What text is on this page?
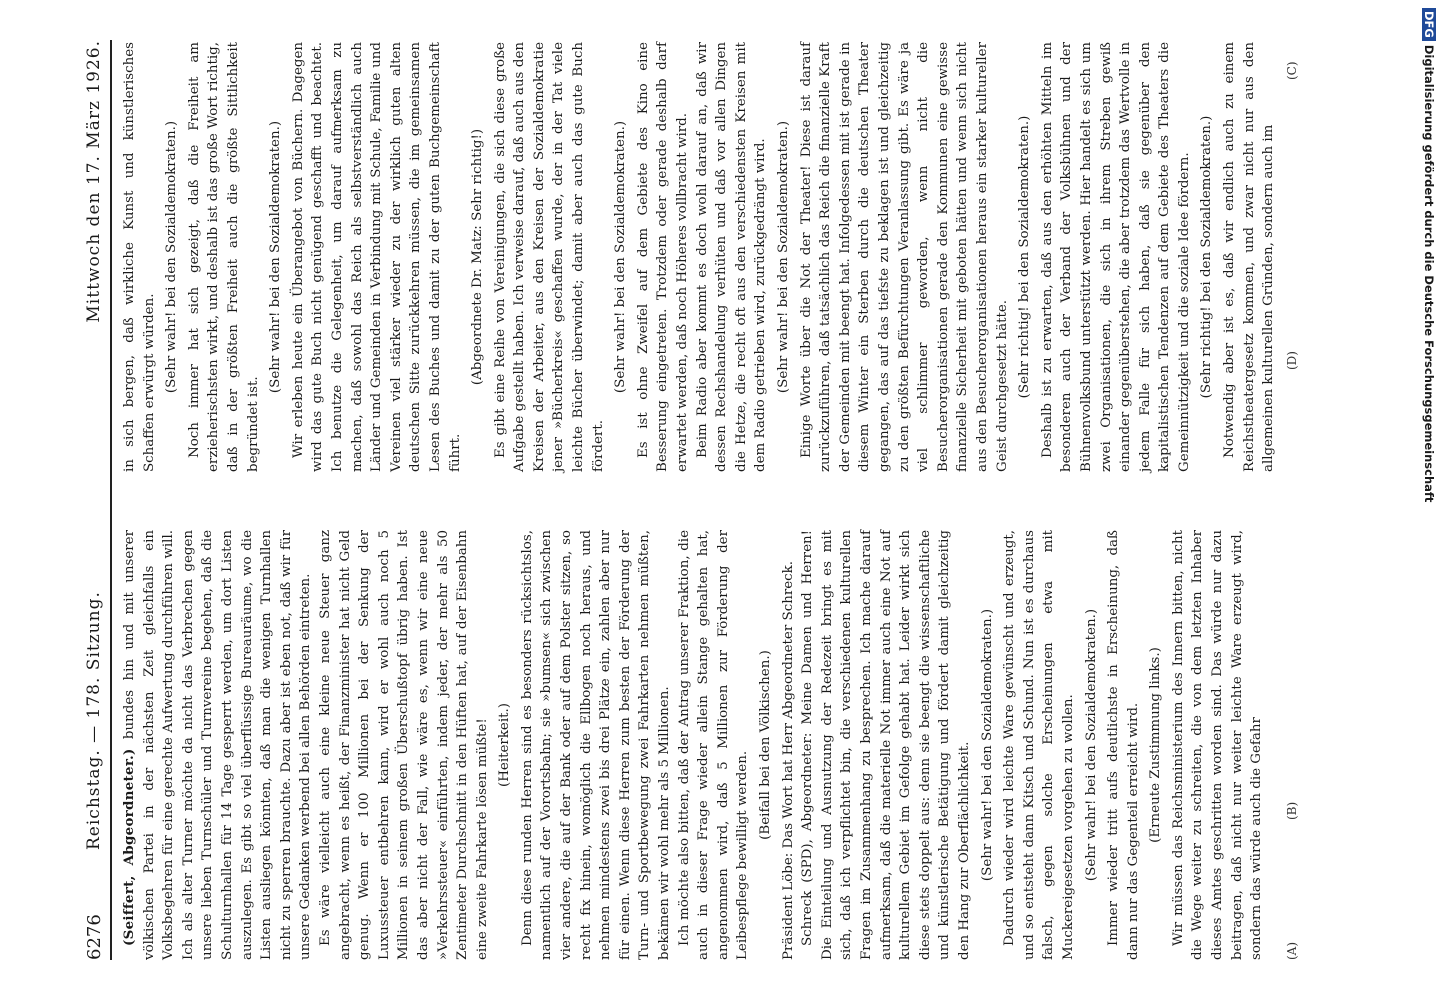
6276
Reichstag. — 178. Sitzung.
Mittwoch den 17. März 1926.

(Seiffert, Abgeordneter.) bundes hin und mit unserer völkischen Partei in der nächsten Zeit gleichfalls ein Volksbegehren für eine gerechte Aufwertung durchführen will. Ich als alter Turner möchte da nicht das Verbrechen gegen unsere lieben Turnschüler und Turnvereine begehen, daß die Schulturnhallen für 14 Tage gesperrt werden, um dort Listen auszulegen. Es gibt so viel überflüssige Bureauräume, wo die Listen ausliegen könnten, daß man die wenigen Turnhallen nicht zu sperren brauchte. Dazu aber ist eben not, daß wir für unsere Gedanken werbend bei allen Behörden eintreten. Es wäre vielleicht auch eine kleine neue Steuer ganz angebracht, wenn es heißt, der Finanzminister hat nicht Geld genug. Wenn er 100 Millionen bei der Senkung der Luxussteuer entbehren kann, wird er wohl auch noch 5 Millionen in seinem großen Überschußtopf übrig haben. Ist das aber nicht der Fall, wie wäre es, wenn wir eine neue »Verkehrssteuer« einführten, indem jeder, der mehr als 50 Zentimeter Durchschnitt in den Hüften hat, auf der Eisenbahn eine zweite Fahrkarte lösen müßte! (Heiterkeit.) Denn diese runden Herren sind es besonders rücksichtslos, namentlich auf der Vorortsbahn; sie »bumsen« sich zwischen vier andere, die auf der Bank oder auf dem Polster sitzen, so recht fix hinein, womöglich die Ellbogen noch heraus, und nehmen mindestens zwei bis drei Plätze ein, zahlen aber nur für einen. Wenn diese Herren zum besten der Förderung der Turn- und Sportbewegung zwei Fahrkarten nehmen müßten, bekämen wir wohl mehr als 5 Millionen. Ich möchte also bitten, daß der Antrag unserer Fraktion, die auch in dieser Frage wieder allein Stange gehalten hat, angenommen wird, daß 5 Millionen zur Förderung der Leibespflege bewilligt werden.

(Beifall bei den Völkischen.) Präsident Löbe: Das Wort hat Herr Abgeordneter Schreck. Schreck (SPD), Abgeordneter: Meine Damen und Herren! Die Einteilung und Ausnutzung der Redezeit bringt es mit sich, daß ich verpflichtet bin, die verschiedenen kulturellen Fragen im Zusammenhang zu besprechen. Ich mache darauf aufmerksam, daß die materielle Not immer auch eine Not auf kulturellem Gebiet im Gefolge gehabt hat. Leider wirkt sich diese stets doppelt aus: denn sie beengt die wissenschaftliche und künstlerische Betätigung und fördert damit gleichzeitig den Hang zur Oberflächlichkeit. (Sehr wahr! bei den Sozialdemokraten.) Dadurch wieder wird leichte Ware gewünscht und erzeugt, und so entsteht dann Kitsch und Schund. Nun ist es durchaus falsch, gegen solche Erscheinungen etwa mit Muckereigesetzen vorgehen zu wollen. (Sehr wahr! bei den Sozialdemokraten.) Immer wieder tritt aufs deutlichste in Erscheinung, daß dann nur das Gegenteil erreicht wird. (Erneute Zustimmung links.) Wir müssen das Reichsministerium des Innern bitten, nicht die Wege weiter zu schreiten, die von dem letzten Inhaber dieses Amtes geschritten worden sind. Das würde nur dazu beitragen, daß nicht nur weiter leichte Ware erzeugt wird, sondern das würde auch die Gefahr

in sich bergen, daß wirkliche Kunst und künstlerisches Schaffen erwürgt würden. (Sehr wahr! bei den Sozialdemokraten.) Noch immer hat sich gezeigt, daß die Freiheit am erzieherischsten wirkt, und deshalb ist das große Wort richtig, daß in der größten Freiheit auch die größte Sittlichkeit begründet ist.

(Sehr wahr! bei den Sozialdemokraten.) Wir erleben heute ein Überangebot von Büchern. Dagegen wird das gute Buch nicht genügend geschafft und beachtet. Ich benutze die Gelegenheit, um darauf aufmerksam zu machen, daß sowohl das Reich als selbstverständlich auch Länder und Gemeinden in Verbindung mit Schule, Familie und Vereinen viel stärker wieder zu der wirklich guten alten deutschen Sitte zurückkehren müssen, die im gemeinsamen Lesen des Buches und damit zu der guten Buchgemeinschaft führt.

(Abgeordnete Dr. Matz: Sehr richtig!) Es gibt eine Reihe von Vereinigungen, die sich diese große Aufgabe gestellt haben. Ich verweise darauf, daß auch aus den Kreisen der Arbeiter, aus den Kreisen der Sozialdemokratie jener »Bücherkreis« geschaffen wurde, der in der Tat viele leichte Bücher überwindet; damit aber auch das gute Buch fördert.

(Sehr wahr! bei den Sozialdemokraten.) Es ist ohne Zweifel auf dem Gebiete des Kino eine Besserung eingetreten. Trotzdem oder gerade deshalb darf erwartet werden, daß noch Höheres vollbracht wird. Beim Radio aber kommt es doch wohl darauf an, daß wir dessen Rechshandelung verhüten und daß vor allen Dingen die Hetze, die recht oft aus den verschiedensten Kreisen mit dem Radio getrieben wird, zurückgedrängt wird. (Sehr wahr! bei den Sozialdemokraten.) Einige Worte über die Not der Theater! Diese ist darauf zurückzuführen, daß tatsächlich das Reich die finanzielle Kraft der Gemeinden mit beengt hat. Infolgedessen mit ist gerade in diesem Winter ein Sterben durch die deutschen Theater gegangen, das auf das tiefste zu beklagen ist und gleichzeitig zu den größten Befürchtungen Veranlassung gibt. Es wäre ja viel schlimmer geworden, wenn nicht die Besucherorganisationen gerade den Kommunen eine gewisse finanzielle Sicherheit mit geboten hätten und wenn sich nicht aus den Besucherorganisationen heraus ein starker kultureller Geist durchgesetzt hätte. (Sehr richtig! bei den Sozialdemokraten.) Deshalb ist zu erwarten, daß aus den erhöhten Mitteln im besonderen auch der Verband der Volksbühnen und der Bühnenvolksbund unterstützt werden. Hier handelt es sich um zwei Organisationen, die sich in ihrem Streben gewiß einander gegenüberstehen, die aber trotzdem das Wertvolle in jedem Falle für sich haben, daß sie gegenüber den kapitalistischen Tendenzen auf dem Gebiete des Theaters die Gemeinnützigkeit und die soziale Idee fördern. (Sehr richtig! bei den Sozialdemokraten.) Notwendig aber ist es, daß wir endlich auch zu einem Reichstheatergesetz kommen, und zwar nicht nur aus den allgemeinen kulturellen Gründen, sondern auch im

(A)
(B)
(C)
(D)
DFGDigitalisierung gefördert durch die Deutsche Forschungsgemeinschaft
